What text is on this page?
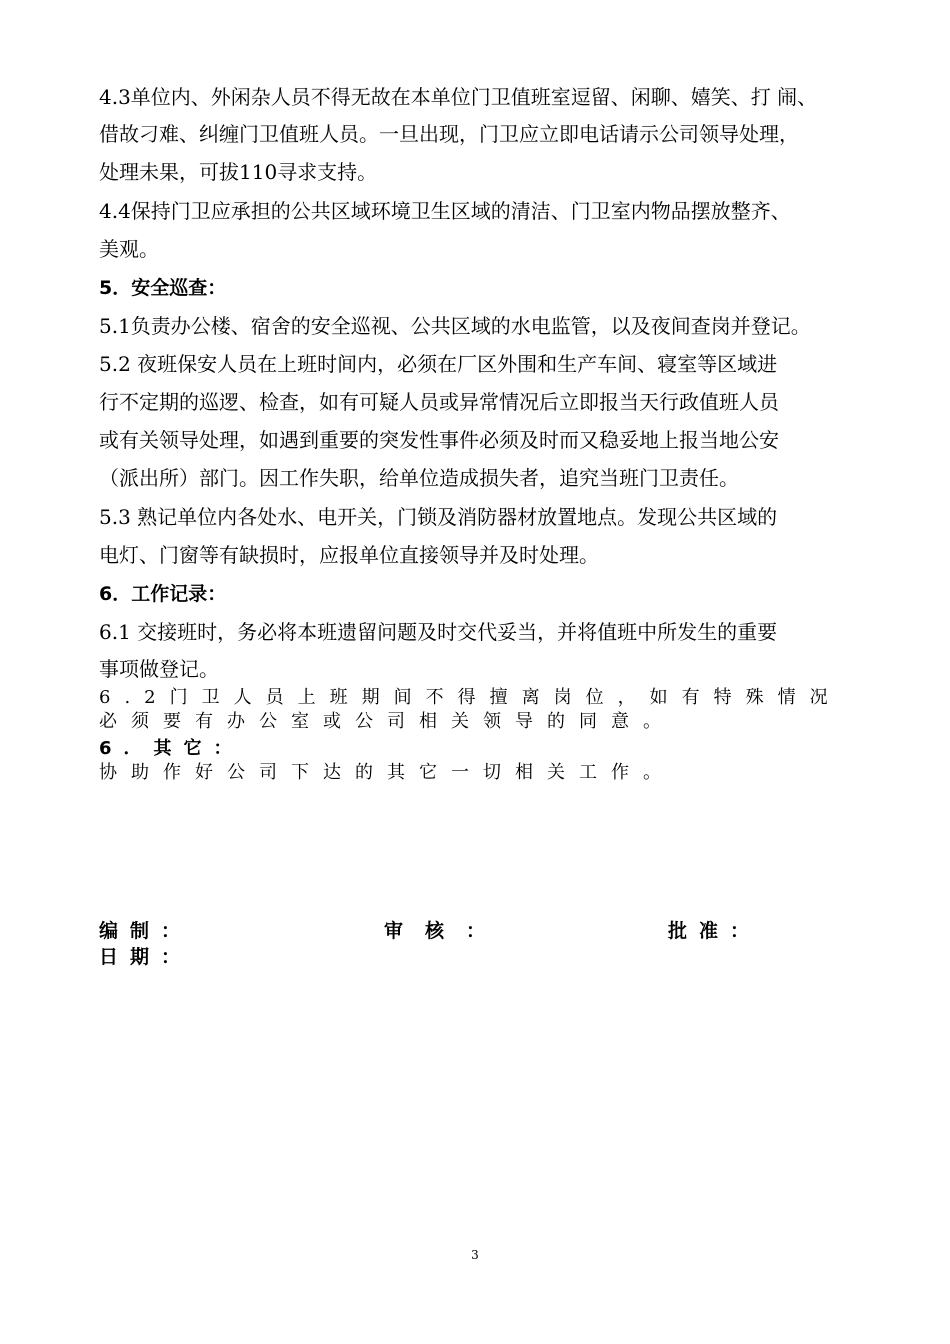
4.3单位内、外闲杂人员不得无故在本单位门卫值班室逗留、闲聊、嬉笑、打 闹、
借故刁难、纠缠门卫值班人员。一旦出现，门卫应立即电话请示公司领导处理，
处理未果，可拔110寻求支持。
4.4保持门卫应承担的公共区域环境卫生区域的清洁、门卫室内物品摆放整齐、
美观。
5．安全巡查：
5.1负责办公楼、宿舍的安全巡视、公共区域的水电监管，以及夜间查岗并登记。
5.2 夜班保安人员在上班时间内，必须在厂区外围和生产车间、寝室等区域进
行不定期的巡逻、检查，如有可疑人员或异常情况后立即报当天行政值班人员
或有关领导处理，如遇到重要的突发性事件必须及时而又稳妥地上报当地公安
（派出所）部门。因工作失职，给单位造成损失者，追究当班门卫责任。
5.3 熟记单位内各处水、电开关，门锁及消防器材放置地点。发现公共区域的
电灯、门窗等有缺损时，应报单位直接领导并及时处理。
6．工作记录：
6.1 交接班时，务必将本班遗留问题及时交代妥当，并将值班中所发生的重要
事项做登记。
6.2门卫人员上班期间不得擅离岗位，如有特殊情况
必须要有办公室或公司相关领导的同意。
6．其它：
协助作好公司下达的其它一切相关工作。
编制：	审核：	批准：
日期：
3
